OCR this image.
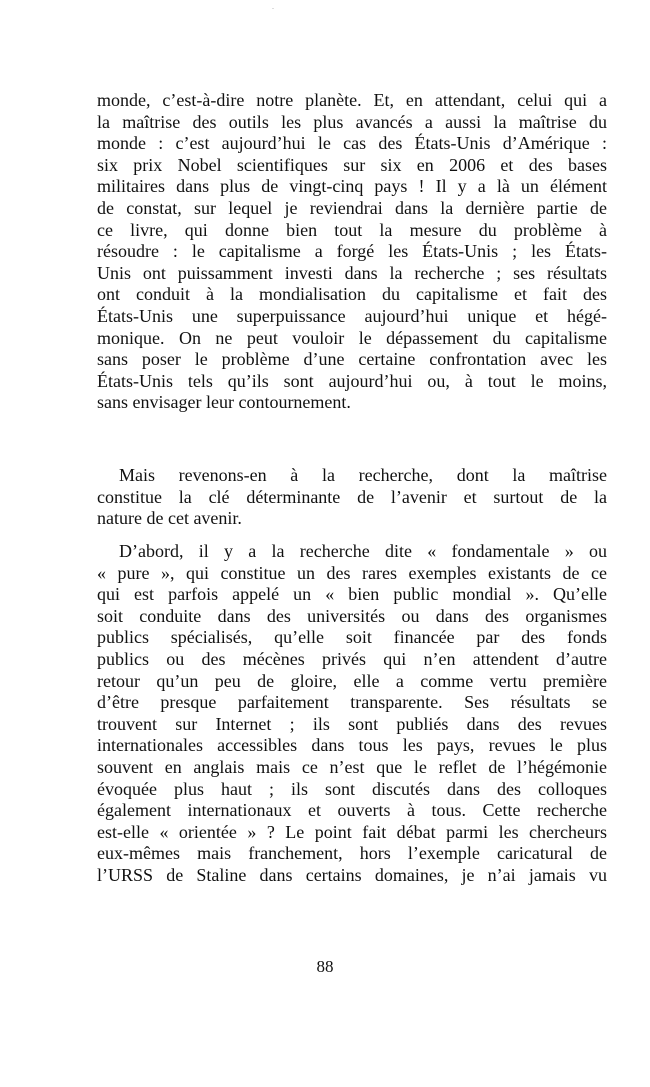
monde, c’est-à-dire notre planète. Et, en attendant, celui qui a
la maîtrise des outils les plus avancés a aussi la maîtrise du
monde : c’est aujourd’hui le cas des États-Unis d’Amérique :
six prix Nobel scientifiques sur six en 2006 et des bases
militaires dans plus de vingt-cinq pays ! Il y a là un élément
de constat, sur lequel je reviendrai dans la dernière partie de
ce livre, qui donne bien tout la mesure du problème à
résoudre : le capitalisme a forgé les États-Unis ; les États-
Unis ont puissamment investi dans la recherche ; ses résultats
ont conduit à la mondialisation du capitalisme et fait des
États-Unis une superpuissance aujourd’hui unique et hégé-
monique. On ne peut vouloir le dépassement du capitalisme
sans poser le problème d’une certaine confrontation avec les
États-Unis tels qu’ils sont aujourd’hui ou, à tout le moins,
sans envisager leur contournement.
Mais revenons-en à la recherche, dont la maîtrise
constitue la clé déterminante de l’avenir et surtout de la
nature de cet avenir.
D’abord, il y a la recherche dite « fondamentale » ou
« pure », qui constitue un des rares exemples existants de ce
qui est parfois appelé un « bien public mondial ». Qu’elle
soit conduite dans des universités ou dans des organismes
publics spécialisés, qu’elle soit financée par des fonds
publics ou des mécènes privés qui n’en attendent d’autre
retour qu’un peu de gloire, elle a comme vertu première
d’être presque parfaitement transparente. Ses résultats se
trouvent sur Internet ; ils sont publiés dans des revues
internationales accessibles dans tous les pays, revues le plus
souvent en anglais mais ce n’est que le reflet de l’hégémonie
évoquée plus haut ; ils sont discutés dans des colloques
également internationaux et ouverts à tous. Cette recherche
est-elle « orientée » ? Le point fait débat parmi les chercheurs
eux-mêmes mais franchement, hors l’exemple caricatural de
l’URSS de Staline dans certains domaines, je n’ai jamais vu
88
